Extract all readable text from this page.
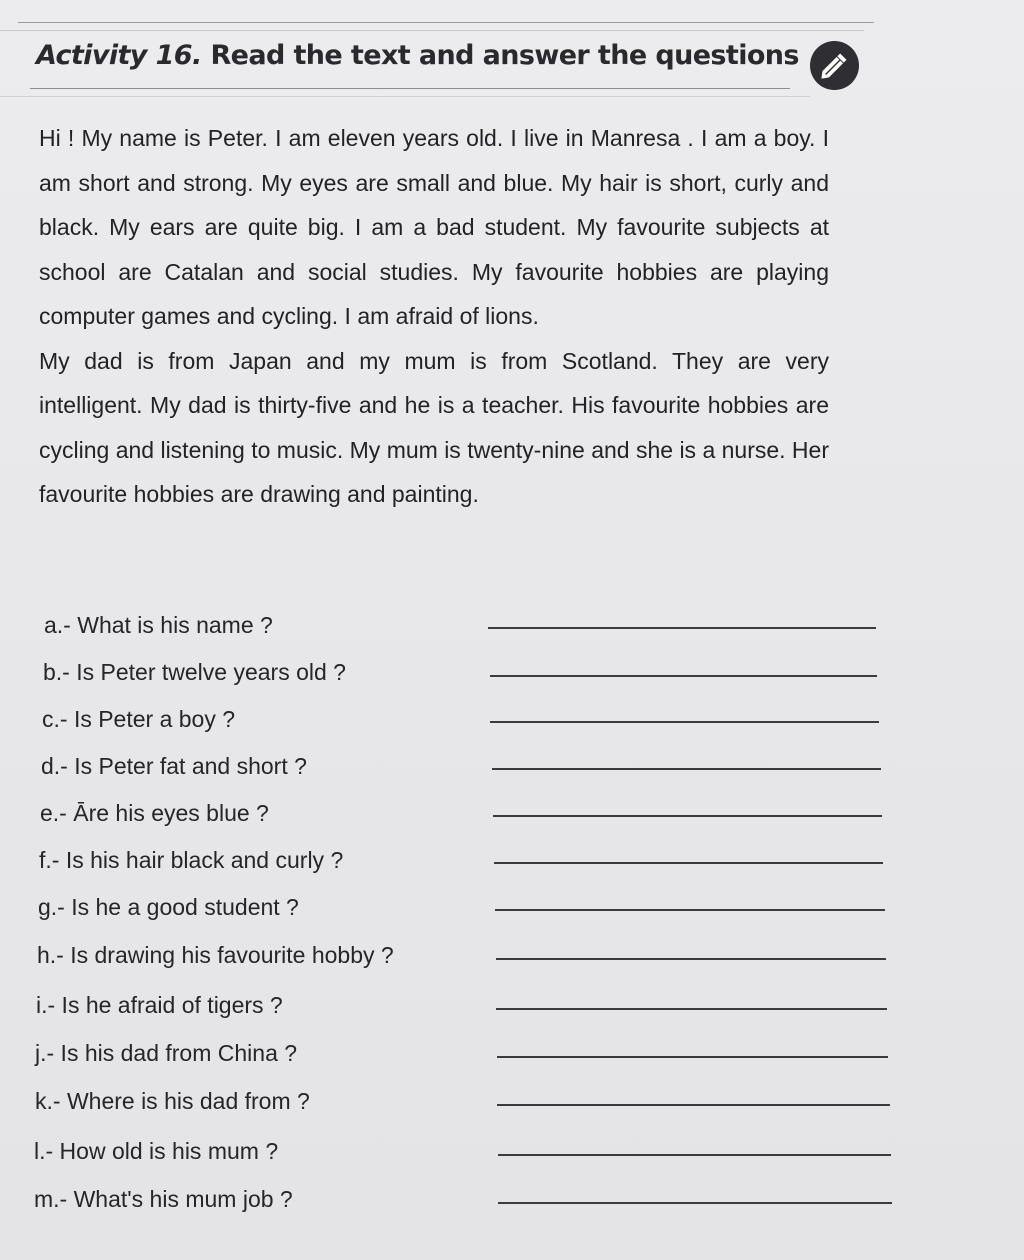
Activity 16. Read the text and answer the questions

Hi ! My name is Peter. I am eleven years old. I live in Manresa . I am a boy. I am short and strong. My eyes are small and blue. My hair is short, curly and black. My ears are quite big. I am a bad student. My favourite subjects at school are Catalan and social studies. My favourite hobbies are playing computer games and cycling. I am afraid of lions.

My dad is from Japan and my mum is from Scotland. They are very intelligent. My dad is thirty-five and he is a teacher. His favourite hobbies are cycling and listening to music. My mum is twenty-nine and she is a nurse. Her favourite hobbies are drawing and painting.

a.- What is his name ?
b.- Is Peter twelve years old ?
c.- Is Peter a boy ?
d.- Is Peter fat and short ?
e.- Āre his eyes blue ?
f.- Is his hair black and curly ?
g.- Is he a good student ?
h.- Is drawing his favourite hobby ?
i.- Is he afraid of tigers ?
j.- Is his dad from China ?
k.- Where is his dad from ?
l.- How old is his mum ?
m.- What's his mum job ?
